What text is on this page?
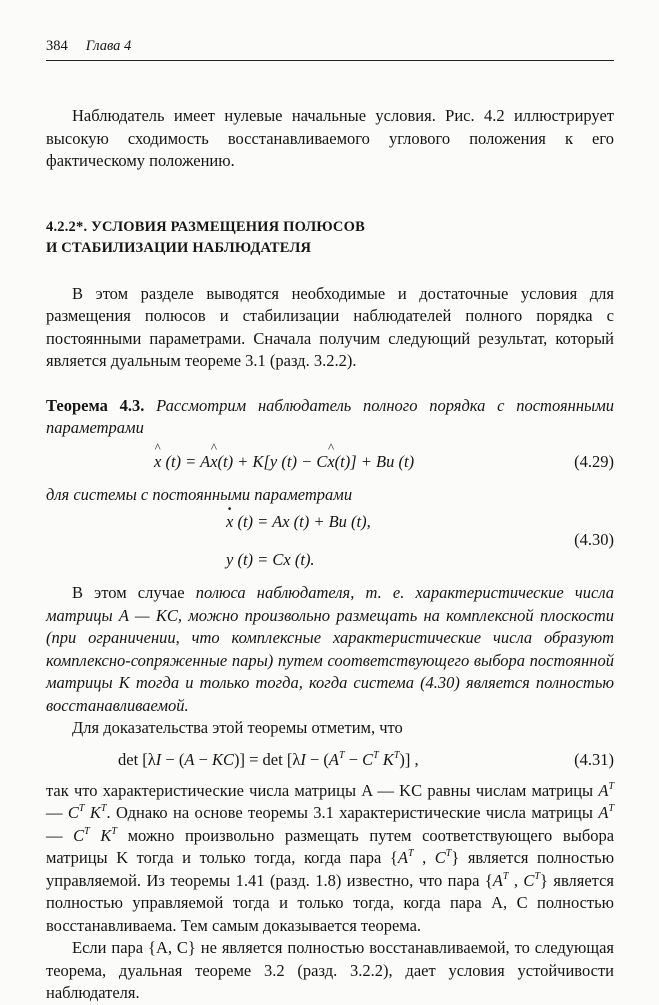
384 Глава 4

Наблюдатель имеет нулевые начальные условия. Рис. 4.2 иллюстрирует высокую сходимость восстанавливаемого углового положения к его фактическому положению.

4.2.2*. УСЛОВИЯ РАЗМЕЩЕНИЯ ПОЛЮСОВ
И СТАБИЛИЗАЦИИ НАБЛЮДАТЕЛЯ

В этом разделе выводятся необходимые и достаточные условия для размещения полюсов и стабилизации наблюдателей полного порядка с постоянными параметрами. Сначала получим следующий результат, который является дуальным теореме 3.1 (разд. 3.2.2).

Теорема 4.3. Рассмотрим наблюдатель полного порядка с постоянными параметрами

^ x (t) = A^ x(t) + K[y (t) − C^ x(t)] + Bu (t)	(4.29)

для системы с постоянными параметрами

· x (t) = Ax (t) + Bu (t),
y (t) = Cx (t).
(4.30)

В этом случае полюса наблюдателя, т. е. характеристические числа матрицы A — KC, можно произвольно размещать на комплексной плоскости (при ограничении, что комплексные характеристические числа образуют комплексно-сопряженные пары) путем соответствующего выбора постоянной матрицы K тогда и только тогда, когда система (4.30) является полностью восстанавливаемой.

Для доказательства этой теоремы отметим, что

$\det [\lambda I - (A - KC)] = \det [\lambda I - (A^T - C^T$ $K^T$)] ,	(4.31)

так что характеристические числа матрицы A — KC равны числам матрицы $A^T$ — $C^T$ $K^T$. Однако на основе теоремы 3.1 характеристические числа матрицы $A^T$ — $C^T$ $K^T$ можно произвольно размещать путем соответствующего выбора матрицы K тогда и только тогда, когда пара {$A^T$ , $C^T$} является полностью управляемой. Из теоремы 1.41 (разд. 1.8) известно, что пара {$A^T$ , $C^T$} является полностью управляемой тогда и только тогда, когда пара A, C полностью восстанавливаема. Тем самым доказывается теорема.

Если пара {A, C} не является полностью восстанавливаемой, то следующая теорема, дуальная теореме 3.2 (разд. 3.2.2), дает условия устойчивости наблюдателя.
